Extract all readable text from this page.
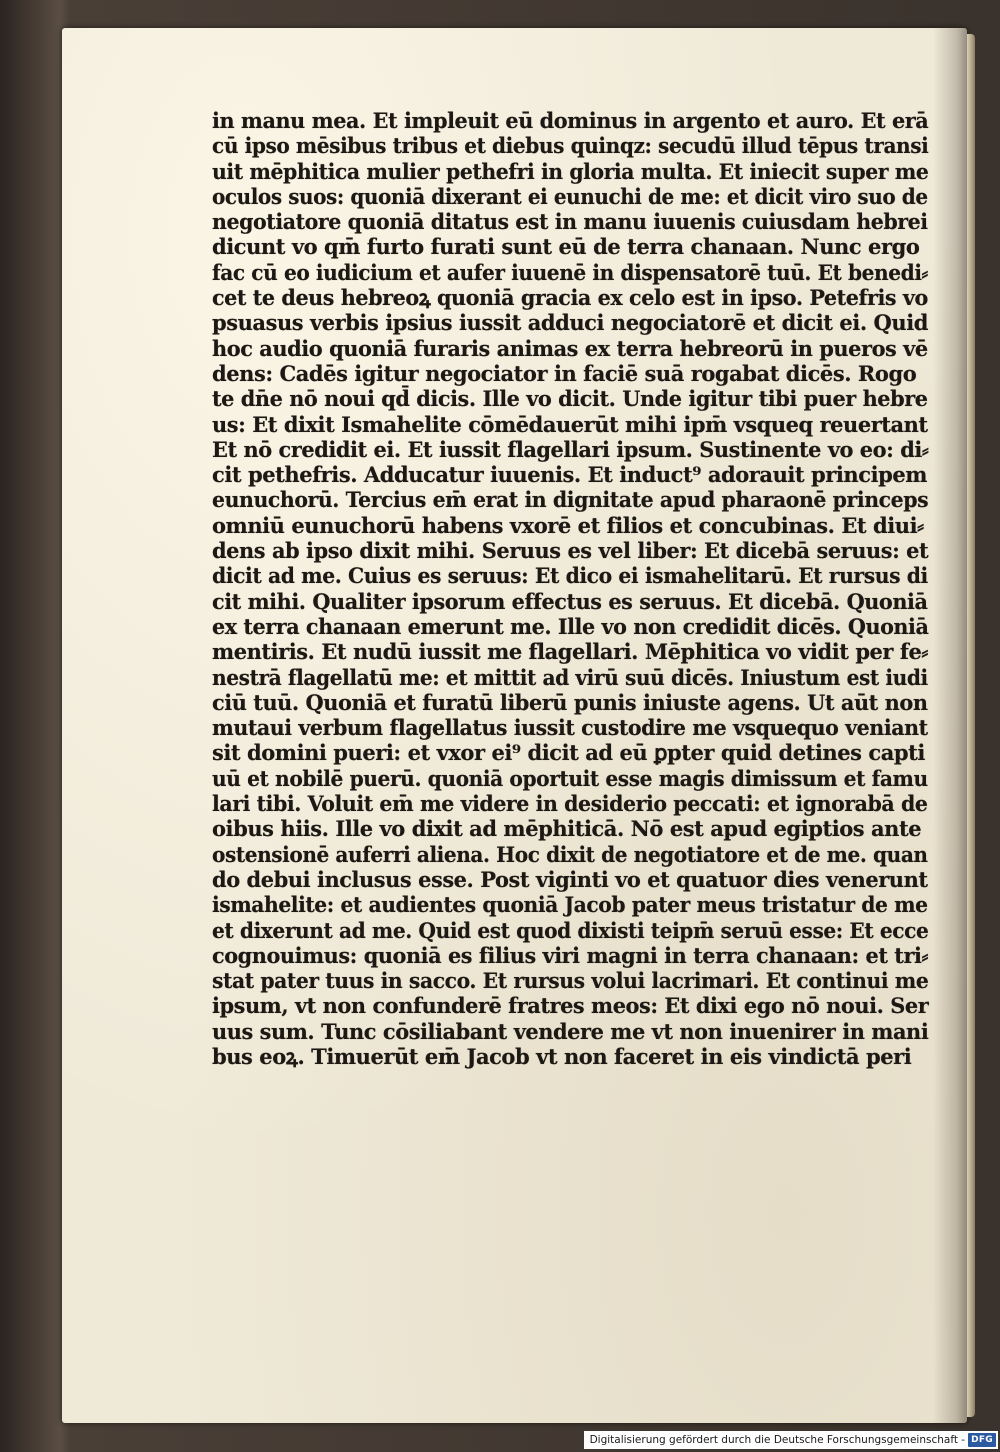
in manu mea. Et impleuit eū dominus in argento et auro. Et erā
cū ipso mēsibus tribus et diebus quinqz: secudū illud tēpus transi
uit mēphitica mulier pethefri in gloria multa. Et iniecit super me
oculos suos: quoniā dixerant ei eunuchi de me: et dicit viro suo de
negotiatore quoniā ditatus est in manu iuuenis cuiusdam hebrei
dicunt vo qm̄ furto furati sunt eū de terra chanaan. Nunc ergo
fac cū eo iudicium et aufer iuuenē in dispensatorē tuū. Et benedi⸗
cet te deus hebreoꝝ quoniā gracia ex celo est in ipso. Petefris vo
psuasus verbis ipsius iussit adduci negociatorē et dicit ei. Quid
hoc audio quoniā furaris animas ex terra hebreorū in pueros vē
dens: Cadēs igitur negociator in faciē suā rogabat dicēs. Rogo
te dn̄e nō noui qd̄ dicis. Ille vo dicit. Unde igitur tibi puer hebre
us: Et dixit Ismahelite cōmēdauerūt mihi ipm̄ vsqueq reuertant
Et nō credidit ei. Et iussit flagellari ipsum. Sustinente vo eo: di⸗
cit pethefris. Adducatur iuuenis. Et induct⁹ adorauit principem
eunuchorū. Tercius em̄ erat in dignitate apud pharaonē princeps
omniū eunuchorū habens vxorē et filios et concubinas. Et diui⸗
dens ab ipso dixit mihi. Seruus es vel liber: Et dicebā seruus: et
dicit ad me. Cuius es seruus: Et dico ei ismahelitarū. Et rursus di
cit mihi. Qualiter ipsorum effectus es seruus. Et dicebā. Quoniā
ex terra chanaan emerunt me. Ille vo non credidit dicēs. Quoniā
mentiris. Et nudū iussit me flagellari. Mēphitica vo vidit per fe⸗
nestrā flagellatū me: et mittit ad virū suū dicēs. Iniustum est iudi
ciū tuū. Quoniā et furatū liberū punis iniuste agens. Ut aūt non
mutaui verbum flagellatus iussit custodire me vsquequo veniant
sit domini pueri: et vxor ei⁹ dicit ad eū ꝑpter quid detines capti
uū et nobilē puerū. quoniā oportuit esse magis dimissum et famu
lari tibi. Voluit em̄ me videre in desiderio peccati: et ignorabā de
oibus hiis. Ille vo dixit ad mēphiticā. Nō est apud egiptios ante
ostensionē auferri aliena. Hoc dixit de negotiatore et de me. quan
do debui inclusus esse. Post viginti vo et quatuor dies venerunt
ismahelite: et audientes quoniā Jacob pater meus tristatur de me
et dixerunt ad me. Quid est quod dixisti teipm̄ seruū esse: Et ecce
cognouimus: quoniā es filius viri magni in terra chanaan: et tri⸗
stat pater tuus in sacco. Et rursus volui lacrimari. Et continui me
ipsum, vt non confunderē fratres meos: Et dixi ego nō noui. Ser
uus sum. Tunc cōsiliabant vendere me vt non inuenirer in mani
bus eoꝝ. Timuerūt em̄ Jacob vt non faceret in eis vindictā peri
Digitalisierung gefördert durch die Deutsche Forschungsgemeinschaft - DFG
